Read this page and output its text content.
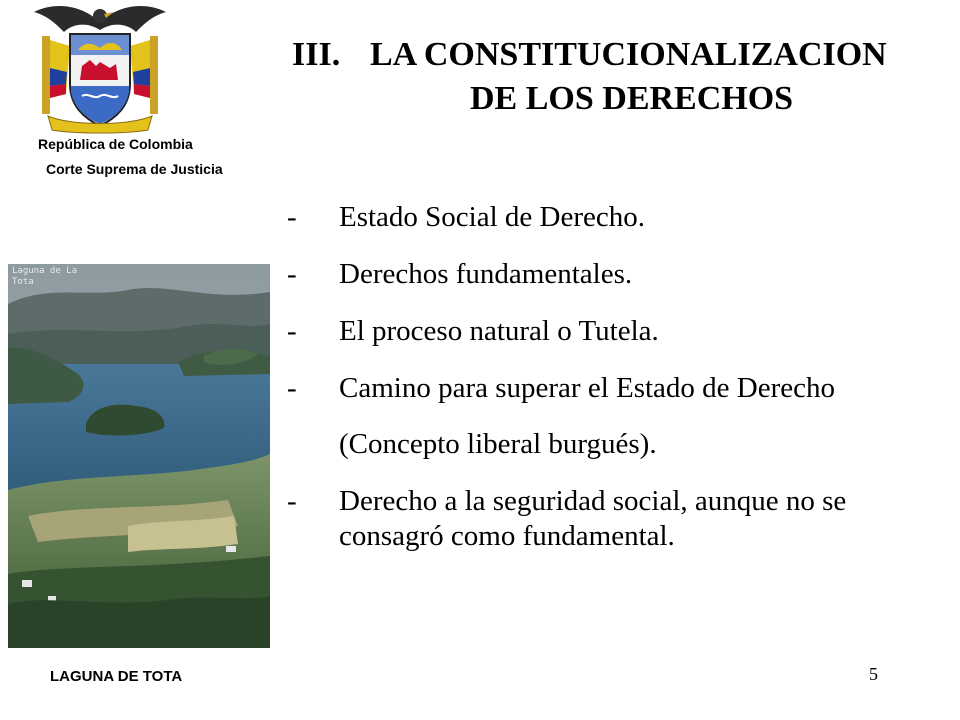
República de Colombia
Corte Suprema de Justicia
III. LA CONSTITUCIONALIZACION
DE LOS DERECHOS
- Estado Social de Derecho.
- Derechos fundamentales.
- El proceso natural o Tutela.
- Camino para superar el Estado de Derecho
(Concepto liberal burgués).
- Derecho a la seguridad social, aunque no se consagró como fundamental.
Laguna de La Tota
LAGUNA DE TOTA	5
